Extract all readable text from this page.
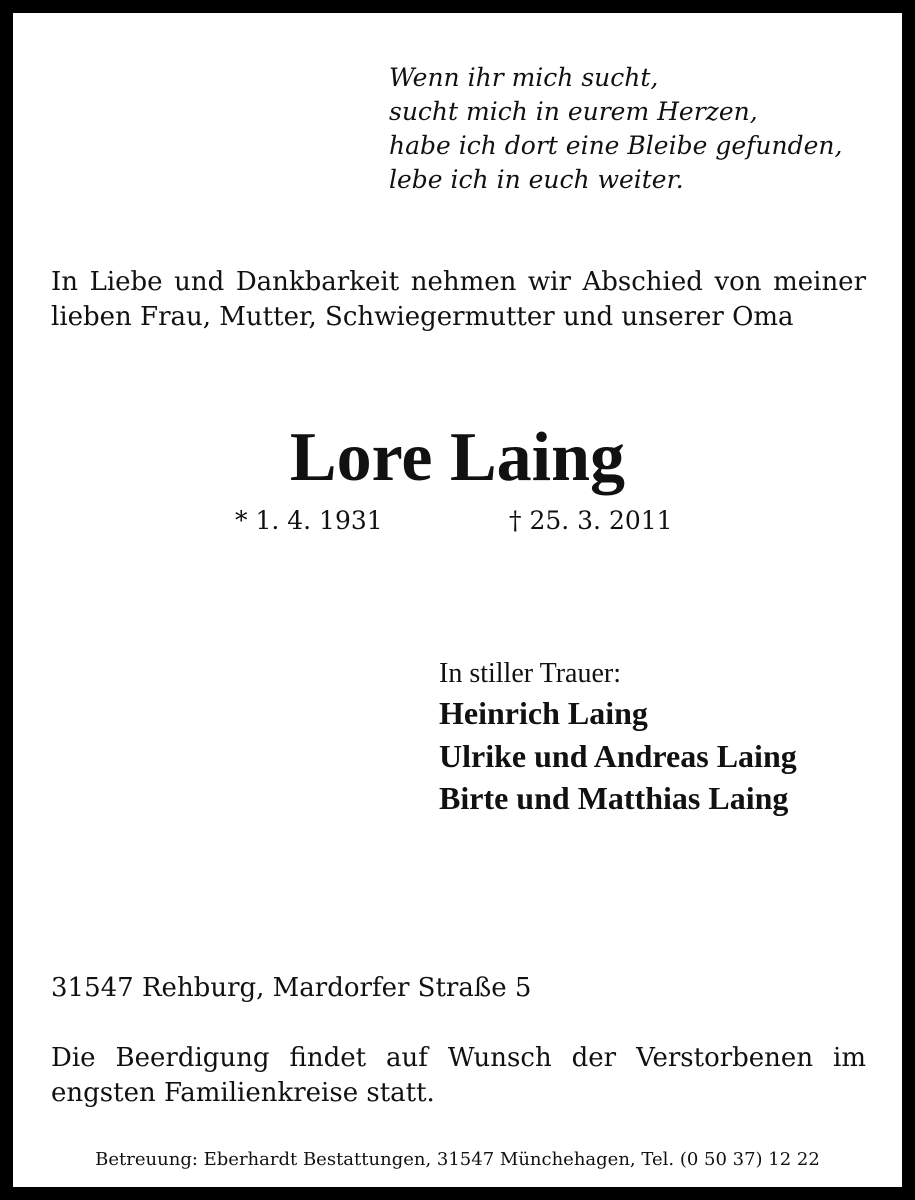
Wenn ihr mich sucht,
sucht mich in eurem Herzen,
habe ich dort eine Bleibe gefunden,
lebe ich in euch weiter.
In Liebe und Dankbarkeit nehmen wir Abschied von meiner lieben Frau, Mutter, Schwiegermutter und unserer Oma
Lore Laing
* 1. 4. 1931	† 25. 3. 2011
In stiller Trauer:
Heinrich Laing
Ulrike und Andreas Laing
Birte und Matthias Laing
31547 Rehburg, Mardorfer Straße 5
Die Beerdigung findet auf Wunsch der Verstorbenen im engsten Familienkreise statt.
Betreuung: Eberhardt Bestattungen, 31547 Münchehagen, Tel. (0 50 37) 12 22
